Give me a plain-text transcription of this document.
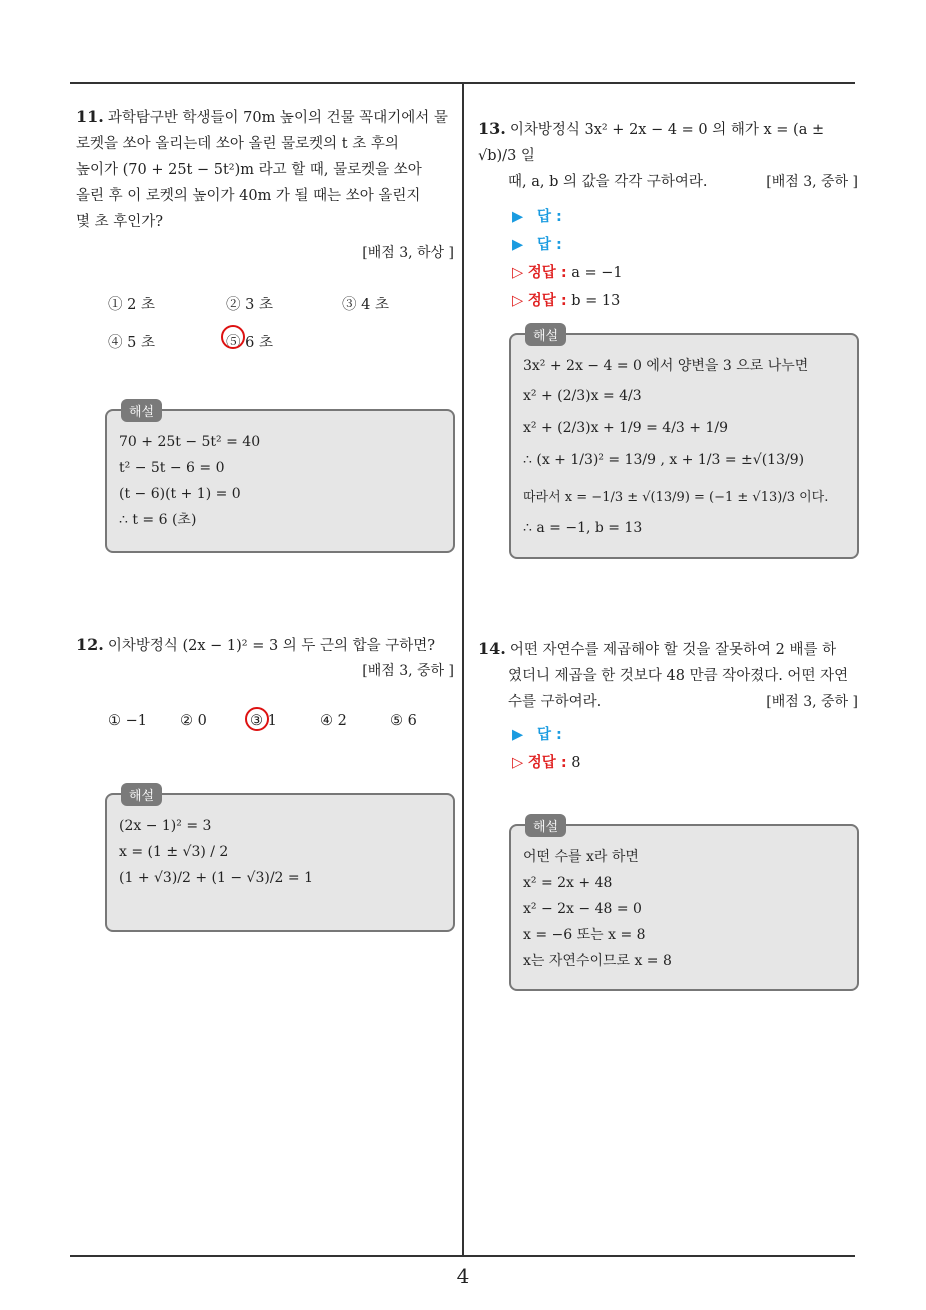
4
11. 과학탐구반 학생들이 70m 높이의 건물 꼭대기에서 물
로켓을 쏘아 올리는데 쏘아 올린 물로켓의 t 초 후의
높이가 (70 + 25t − 5t²)m 라고 할 때, 물로켓을 쏘아
올린 후 이 로켓의 높이가 40m 가 될 때는 쏘아 올린지
몇 초 후인가?
[배점 3, 하상 ]
① 2 초	② 3 초	③ 4 초
④ 5 초	⑤ 6 초
해설
70 + 25t − 5t² = 40
t² − 5t − 6 = 0
(t − 6)(t + 1) = 0
∴ t = 6 (초)
12. 이차방정식 (2x − 1)² = 3 의 두 근의 합을 구하면?
[배점 3, 중하 ]
① −1 ② 0	③ 1	④ 2	⑤ 6
해설
(2x − 1)² = 3
x = (1 ± √3) / 2
(1 + √3)/2 + (1 − √3)/2 = 1
13. 이차방정식 3x² + 2x − 4 = 0 의 해가 x = (a ± √b)/3 일
때, a, b 의 값을 각각 구하여라.	[배점 3, 중하 ]
▶ 답 :
▶ 답 :
▷ 정답 : a = −1
▷ 정답 : b = 13
해설
3x² + 2x − 4 = 0 에서 양변을 3 으로 나누면
x² + (2/3)x = 4/3
x² + (2/3)x + 1/9 = 4/3 + 1/9
∴ (x + 1/3)² = 13/9 , x + 1/3 = ±√(13/9)
따라서 x = −1/3 ± √(13/9) = (−1 ± √13)/3 이다.
∴ a = −1, b = 13
14. 어떤 자연수를 제곱해야 할 것을 잘못하여 2 배를 하
였더니 제곱을 한 것보다 48 만큼 작아졌다. 어떤 자연
수를 구하여라.	[배점 3, 중하 ]
▶ 답 :
▷ 정답 : 8
해설
어떤 수를 x라 하면
x² = 2x + 48
x² − 2x − 48 = 0
x = −6 또는 x = 8
x는 자연수이므로 x = 8
